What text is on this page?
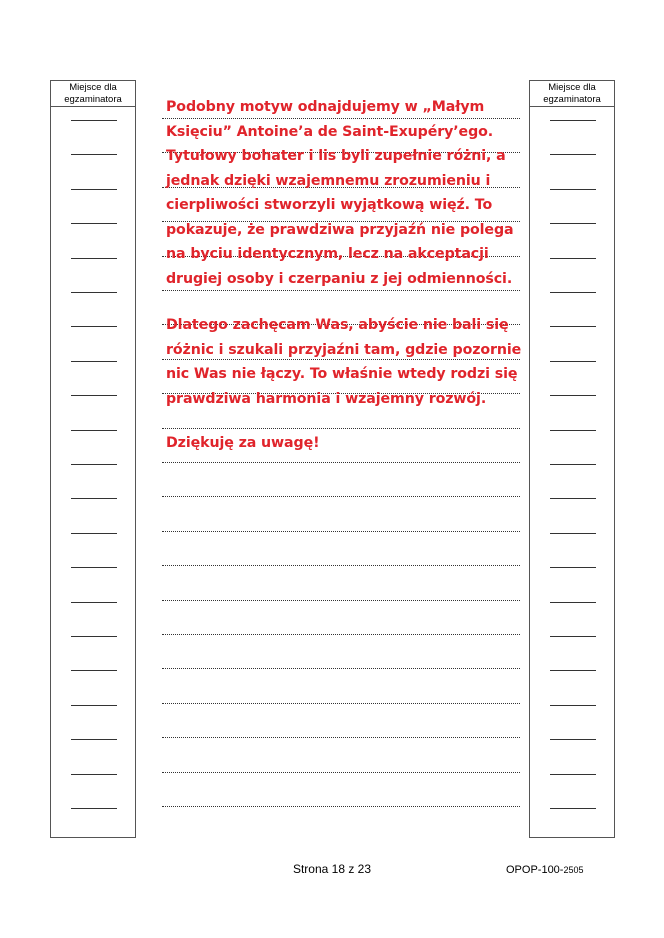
Miejsce dla
egzaminatora
Miejsce dla
egzaminatora

Podobny motyw odnajdujemy w „Małym Księciu” Antoine’a de Saint-Exupéry’ego. Tytułowy bohater i lis byli zupełnie różni, a jednak dzięki wzajemnemu zrozumieniu i cierpliwości stworzyli wyjątkową więź. To pokazuje, że prawdziwa przyjaźń nie polega na byciu identycznym, lecz na akceptacji drugiej osoby i czerpaniu z jej odmienności.

Dlatego zachęcam Was, abyście nie bali się różnic i szukali przyjaźni tam, gdzie pozornie nic Was nie łączy. To właśnie wtedy rodzi się prawdziwa harmonia i wzajemny rozwój.

Dziękuję za uwagę!

Strona 18 z 23	OPOP-100-2505
